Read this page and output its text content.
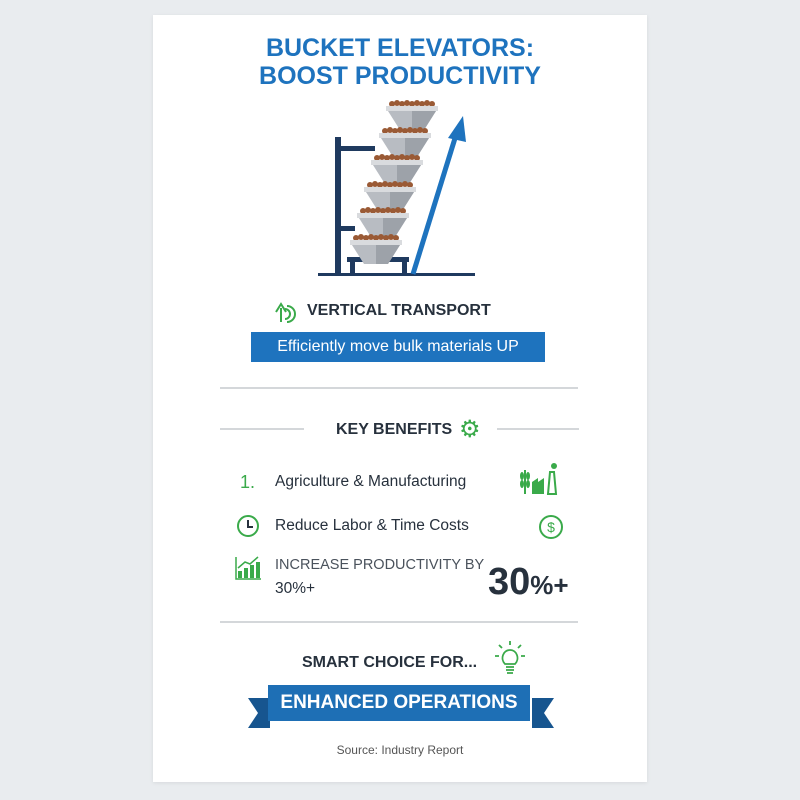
BUCKET ELEVATORS:
BOOST PRODUCTIVITY
VERTICAL TRANSPORT
Efficiently move bulk materials UP
KEY BENEFITS ⚙
1. Agriculture & Manufacturing
Reduce Labor & Time Costs	$
INCREASE PRODUCTIVITY BY
30%+	30%+
SMART CHOICE FOR...
ENHANCED OPERATIONS
Source: Industry Report
